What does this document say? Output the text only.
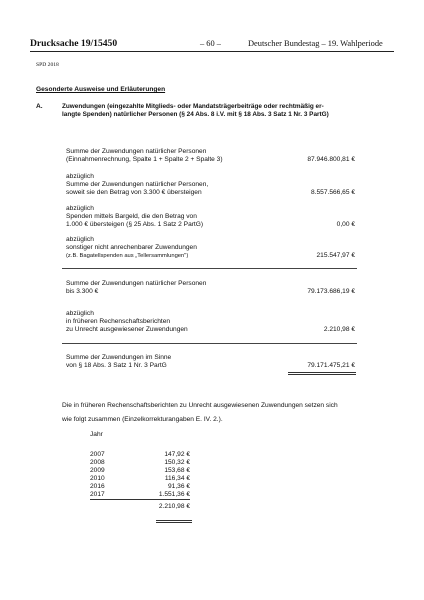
Drucksache 19/15450	– 60 –	Deutscher Bundestag – 19. Wahlperiode
SPD 2018
Gesonderte Ausweise und Erläuterungen
A.	Zuwendungen (eingezahlte Mitglieds- oder Mandatsträgerbeiträge oder rechtmäßig er-
langte Spenden) natürlicher Personen (§ 24 Abs. 8 i.V. mit § 18 Abs. 3 Satz 1 Nr. 3 PartG)
Summe der Zuwendungen natürlicher Personen
(Einnahmenrechnung, Spalte 1 + Spalte 2 + Spalte 3)	87.946.800,81 €
abzüglich
Summe der Zuwendungen natürlicher Personen,
soweit sie den Betrag von 3.300 € übersteigen	8.557.566,65 €
abzüglich
Spenden mittels Bargeld, die den Betrag von
1.000 € übersteigen (§ 25 Abs. 1 Satz 2 PartG)	0,00 €
abzüglich
sonstiger nicht anrechenbarer Zuwendungen
(z.B. Bagatellspenden aus „Tellersammlungen")	215.547,97 €
Summe der Zuwendungen natürlicher Personen
bis 3.300 €	79.173.686,19 €
abzüglich
in früheren Rechenschaftsberichten
zu Unrecht ausgewiesener Zuwendungen	2.210,98 €
Summe der Zuwendungen im Sinne
von § 18 Abs. 3 Satz 1 Nr. 3 PartG	79.171.475,21 €
Die in früheren Rechenschaftsberichten zu Unrecht ausgewiesenen Zuwendungen setzen sich
wie folgt zusammen (Einzelkorrekturangaben E. IV. 2.).
Jahr
2007	147,92 €
2008	150,32 €
2009	153,68 €
2010	116,34 €
2016	91,36 €
2017	1.551,36 €
2.210,98 €
